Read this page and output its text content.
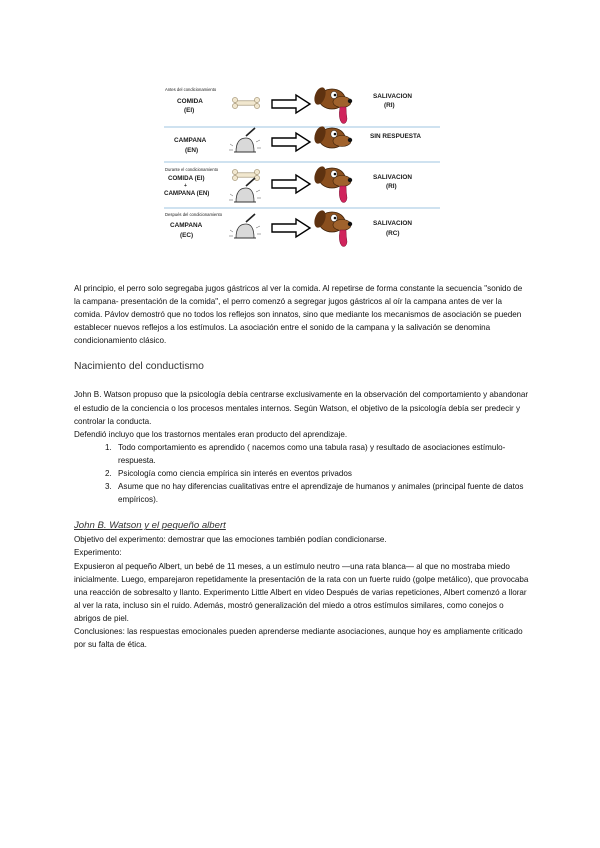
Antes del condicionamiento
COMIDA
(EI)
SALIVACION
(RI)
CAMPANA
(EN)
SIN RESPUESTA
Durante el condicionamiento
COMIDA (EI)
+
CAMPANA (EN)
SALIVACION
(RI)
Después del condicionamiento
CAMPANA
(EC)
SALIVACION
(RC)

Al principio, el perro solo segregaba jugos gástricos al ver la comida. Al repetirse de forma constante la secuencia "sonido de la campana- presentación de la comida", el perro comenzó a segregar jugos gástricos al oír la campana antes de ver la comida. Pávlov demostró que no todos los reflejos son innatos, sino que mediante los mecanismos de asociación se pueden establecer nuevos reflejos a los estímulos. La asociación entre el sonido de la campana y la salivación se denomina condicionamiento clásico.

Nacimiento del conductismo

John B. Watson propuso que la psicología debía centrarse exclusivamente en la observación del comportamiento y abandonar el estudio de la conciencia o los procesos mentales internos. Según Watson, el objetivo de la psicología debía ser predecir y controlar la conducta.

Defendió incluyo que los trastornos mentales eran producto del aprendizaje.

1. Todo comportamiento es aprendido ( nacemos como una tabula rasa) y resultado de asociaciones estímulo- respuesta.
2. Psicología como ciencia empírica sin interés en eventos privados
3. Asume que no hay diferencias cualitativas entre el aprendizaje de humanos y animales (principal fuente de datos empíricos).
John B. Watson y el pequeño albert

Objetivo del experimento: demostrar que las emociones también podían condicionarse.

Experimento:

Expusieron al pequeño Albert, un bebé de 11 meses, a un estímulo neutro —una rata blanca— al que no mostraba miedo inicialmente. Luego, emparejaron repetidamente la presentación de la rata con un fuerte ruido (golpe metálico), que provocaba una reacción de sobresalto y llanto. Experimento Little Albert en video Después de varias repeticiones, Albert comenzó a llorar al ver la rata, incluso sin el ruido. Además, mostró generalización del miedo a otros estímulos similares, como conejos o abrigos de piel.

Conclusiones: las respuestas emocionales pueden aprenderse mediante asociaciones, aunque hoy es ampliamente criticado por su falta de ética.
